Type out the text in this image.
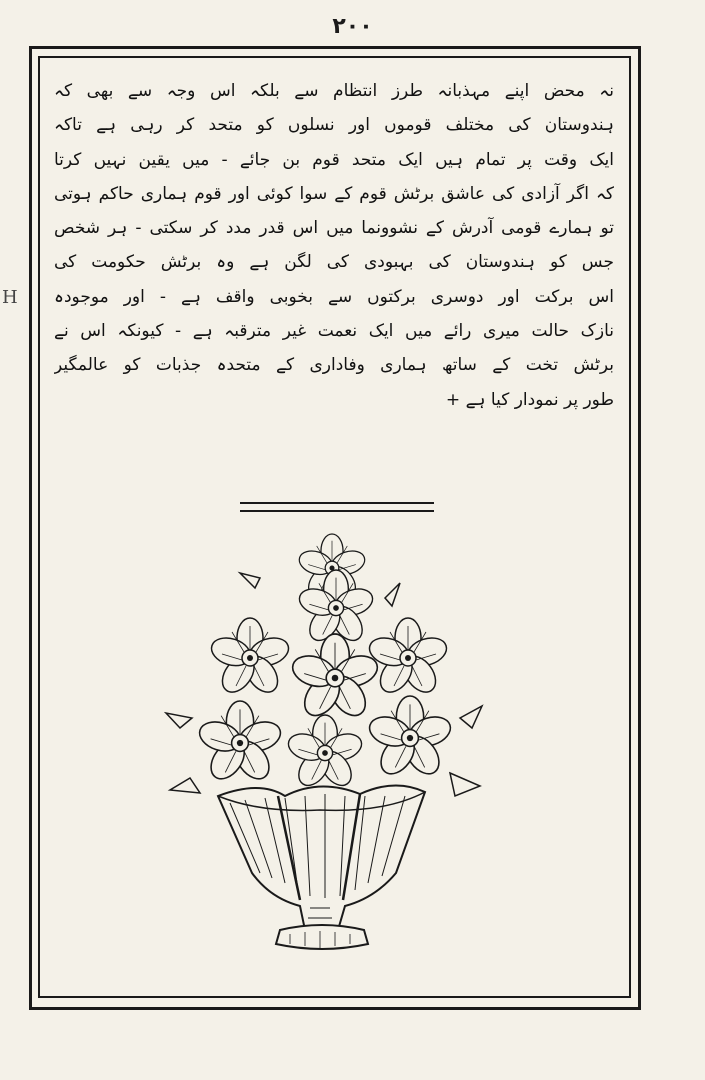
۲۰۰
H
نہ محض اپنے مہذبانہ طرز انتظام سے بلکہ اس وجہ سے بھی کہ
ہندوستان کی مختلف قوموں اور نسلوں کو متحد کر رہی ہے تاکہ
ایک وقت پر تمام ہیں ایک متحد قوم بن جائے - میں یقین نہیں کرتا
کہ اگر آزادی کی عاشق برٹش قوم کے سوا کوئی اور قوم ہماری حاکم ہوتی
تو ہمارے قومی آدرش کے نشوونما میں اس قدر مدد کر سکتی - ہر شخص
جس کو ہندوستان کی بہبودی کی لگن ہے وہ برٹش حکومت کی
اس برکت اور دوسری برکتوں سے بخوبی واقف ہے - اور موجودہ
نازک حالت میری رائے میں ایک نعمت غیر مترقبہ ہے - کیونکہ اس نے
برٹش تخت کے ساتھ ہماری وفاداری کے متحدہ جذبات کو عالمگیر
طور پر نمودار کیا ہے +
